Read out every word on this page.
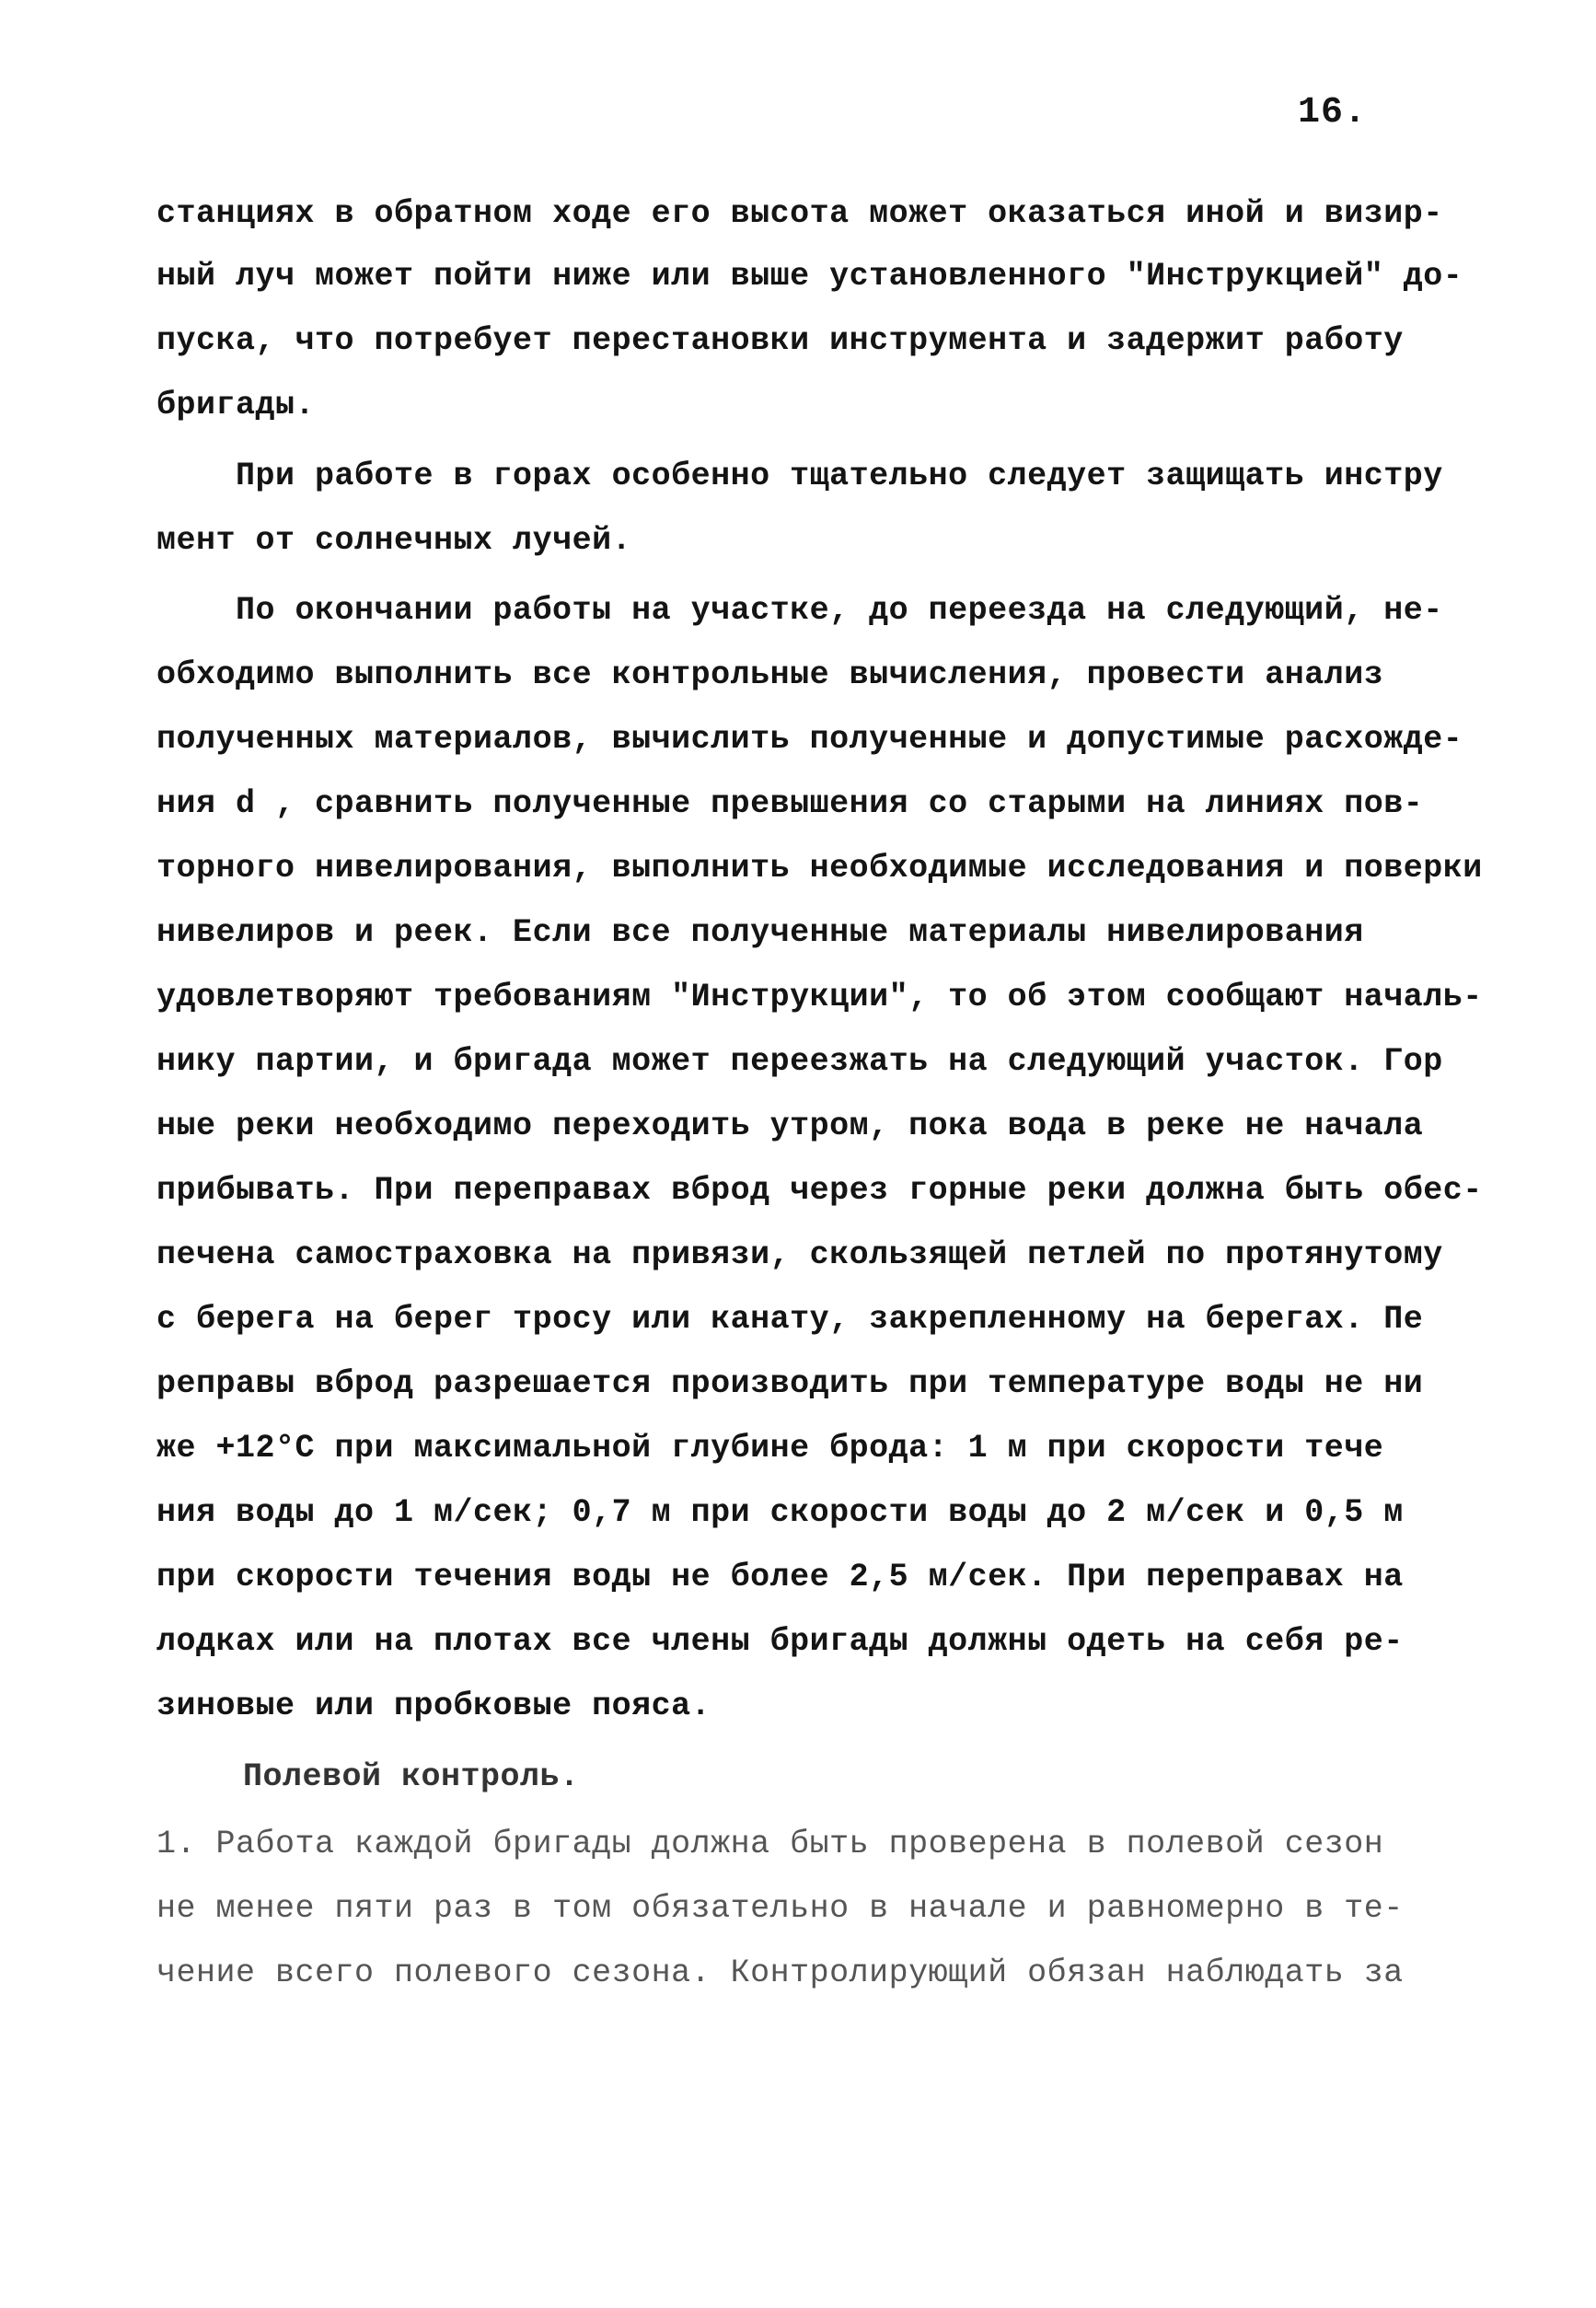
16.
станциях в обратном ходе его высота может оказаться иной и визир-
ный луч может пойти ниже или выше установленного "Инструкцией" до-
пуска, что потребует перестановки инструмента и задержит работу
бригады.
При работе в горах особенно тщательно следует защищать инстру
мент от солнечных лучей.
По окончании работы на участке, до переезда на следующий, не-
обходимо выполнить все контрольные вычисления, провести анализ
полученных материалов, вычислить полученные и допустимые расхожде-
ния d , сравнить полученные превышения со старыми на линиях пов-
торного нивелирования, выполнить необходимые исследования и поверки
нивелиров и реек. Если все полученные материалы нивелирования
удовлетворяют требованиям "Инструкции", то об этом сообщают началь-
нику партии, и бригада может переезжать на следующий участок. Гор
ные реки необходимо переходить утром, пока вода в реке не начала
прибывать. При переправах вброд через горные реки должна быть обес-
печена самостраховка на привязи, скользящей петлей по протянутому
с берега на берег тросу или канату, закрепленному на берегах. Пе
реправы вброд разрешается производить при температуре воды не ни
же +12°C при максимальной глубине брода: 1 м при скорости тече
ния воды до 1 м/сек; 0,7 м при скорости воды до 2 м/сек и 0,5 м
при скорости течения воды не более 2,5 м/сек. При переправах на
лодках или на плотах все члены бригады должны одеть на себя ре-
зиновые или пробковые пояса.
Полевой контроль.
1. Работа каждой бригады должна быть проверена в полевой сезон
не менее пяти раз в том обязательно в начале и равномерно в те-
чение всего полевого сезона. Контролирующий обязан наблюдать за
